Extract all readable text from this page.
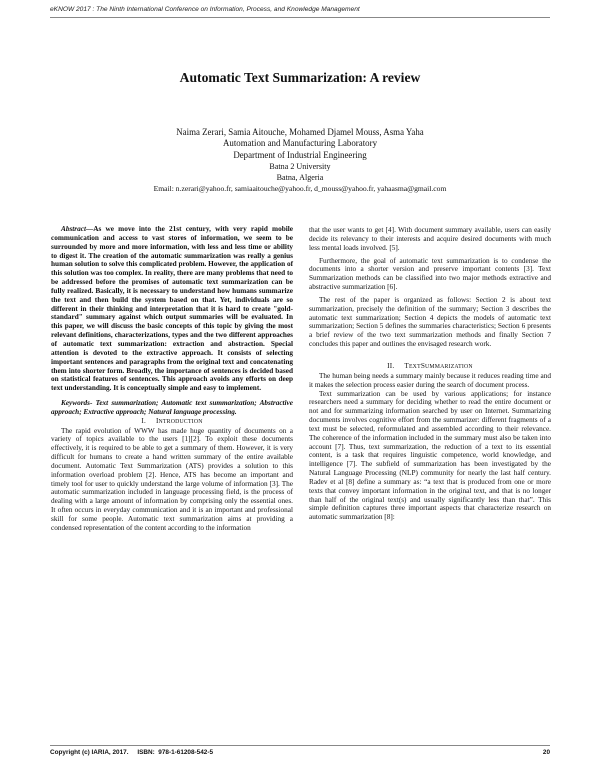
eKNOW 2017 : The Ninth International Conference on Information, Process, and Knowledge Management
Automatic Text Summarization: A review
Naima Zerari, Samia Aitouche, Mohamed Djamel Mouss, Asma Yaha
Automation and Manufacturing Laboratory
Department of Industrial Engineering
Batna 2 University
Batna, Algeria
Email: n.zerari@yahoo.fr, samiaaitouche@yahoo.fr, d_mouss@yahoo.fr, yahaasma@gmail.com

Abstract—As we move into the 21st century, with very rapid mobile communication and access to vast stores of information, we seem to be surrounded by more and more information, with less and less time or ability to digest it. The creation of the automatic summarization was really a genius human solution to solve this complicated problem. However, the application of this solution was too complex. In reality, there are many problems that need to be addressed before the promises of automatic text summarization can be fully realized. Basically, it is necessary to understand how humans summarize the text and then build the system based on that. Yet, individuals are so different in their thinking and interpretation that it is hard to create "gold-standard" summary against which output summaries will be evaluated. In this paper, we will discuss the basic concepts of this topic by giving the most relevant definitions, characterizations, types and the two different approaches of automatic text summarization: extraction and abstraction. Special attention is devoted to the extractive approach. It consists of selecting important sentences and paragraphs from the original text and concatenating them into shorter form. Broadly, the importance of sentences is decided based on statistical features of sentences. This approach avoids any efforts on deep text understanding. It is conceptually simple and easy to implement.

Keywords- Text summarization; Automatic text summarization; Abstractive approach; Extractive approach; Natural language processing.

I. INTRODUCTION

The rapid evolution of WWW has made huge quantity of documents on a variety of topics available to the users [1][2]. To exploit these documents effectively, it is required to be able to get a summary of them. However, it is very difficult for humans to create a hand written summary of the entire available document. Automatic Text Summarization (ATS) provides a solution to this information overload problem [2]. Hence, ATS has become an important and timely tool for user to quickly understand the large volume of information [3]. The automatic summarization included in language processing field, is the process of dealing with a large amount of information by comprising only the essential ones. It often occurs in everyday communication and it is an important and professional skill for some people. Automatic text summarization aims at providing a condensed representation of the content according to the information

that the user wants to get [4]. With document summary available, users can easily decide its relevancy to their interests and acquire desired documents with much less mental loads involved. [5].

Furthermore, the goal of automatic text summarization is to condense the documents into a shorter version and preserve important contents [3]. Text Summarization methods can be classified into two major methods extractive and abstractive summarization [6].

The rest of the paper is organized as follows: Section 2 is about text summarization, precisely the definition of the summary; Section 3 describes the automatic text summarization; Section 4 depicts the models of automatic text summarization; Section 5 defines the summaries characteristics; Section 6 presents a brief review of the two text summarization methods and finally Section 7 concludes this paper and outlines the envisaged research work.

II. TEXTSUMMARIZATION

The human being needs a summary mainly because it reduces reading time and it makes the selection process easier during the search of document process.

Text summarization can be used by various applications; for instance researchers need a summary for deciding whether to read the entire document or not and for summarizing information searched by user on Internet. Summarizing documents involves cognitive effort from the summarizer: different fragments of a text must be selected, reformulated and assembled according to their relevance. The coherence of the information included in the summary must also be taken into account [7]. Thus, text summarization, the reduction of a text to its essential content, is a task that requires linguistic competence, world knowledge, and intelligence [7]. The subfield of summarization has been investigated by the Natural Language Processing (NLP) community for nearly the last half century. Radev et al [8] define a summary as: “a text that is produced from one or more texts that convey important information in the original text, and that is no longer than half of the original text(s) and usually significantly less than that”. This simple definition captures three important aspects that characterize research on automatic summarization [8]:

Copyright (c) IARIA, 2017.     ISBN:  978-1-61208-542-5	20
